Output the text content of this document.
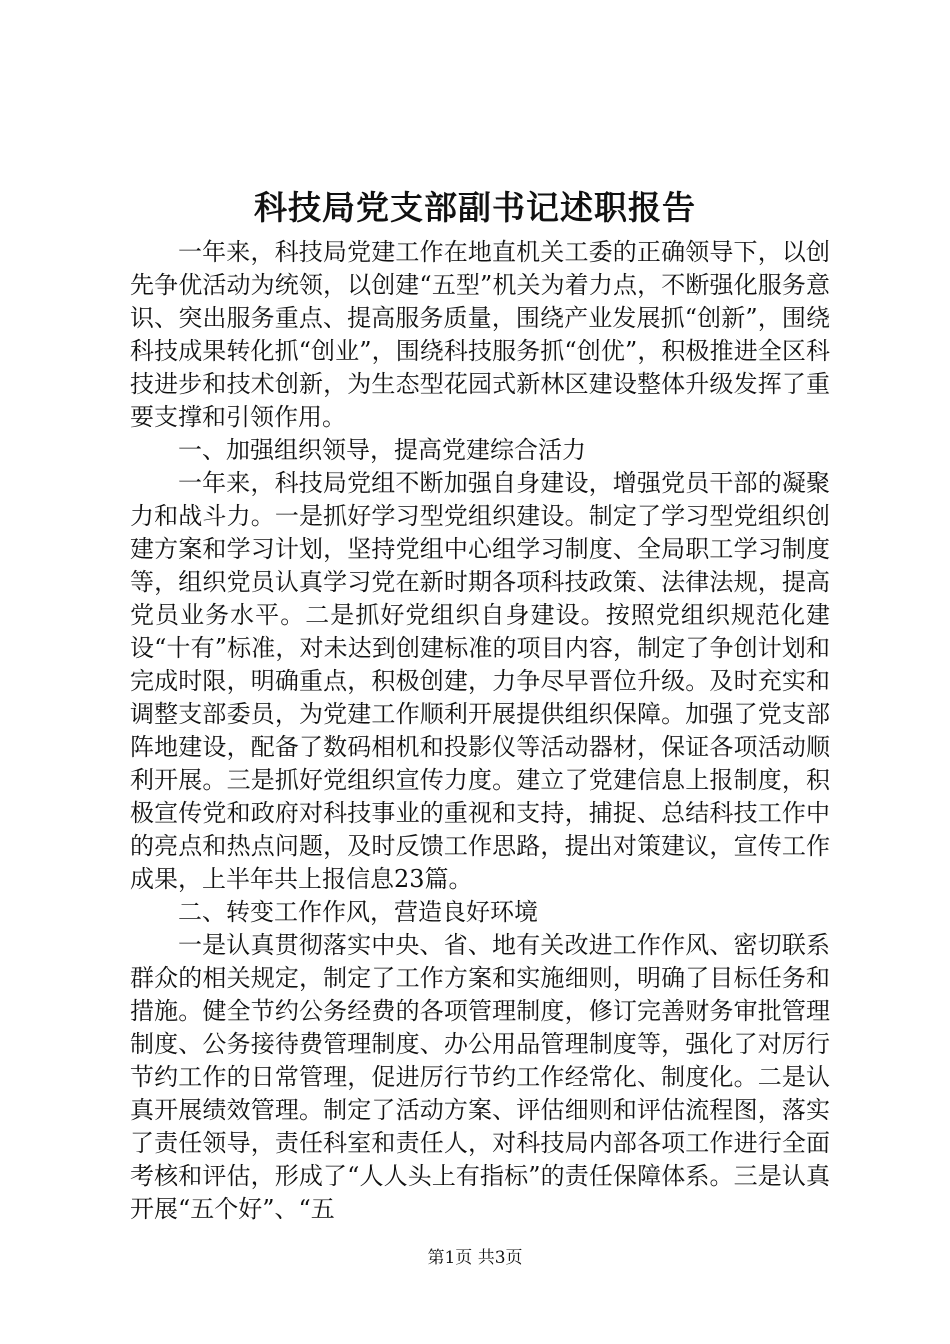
科技局党支部副书记述职报告

一年来，科技局党建工作在地直机关工委的正确领导下，以创先争优活动为统领，以创建“五型”机关为着力点，不断强化服务意识、突出服务重点、提高服务质量，围绕产业发展抓“创新”，围绕科技成果转化抓“创业”，围绕科技服务抓“创优”，积极推进全区科技进步和技术创新，为生态型花园式新林区建设整体升级发挥了重要支撑和引领作用。

一、加强组织领导，提高党建综合活力

一年来，科技局党组不断加强自身建设，增强党员干部的凝聚力和战斗力。一是抓好学习型党组织建设。制定了学习型党组织创建方案和学习计划，坚持党组中心组学习制度、全局职工学习制度等，组织党员认真学习党在新时期各项科技政策、法律法规，提高党员业务水平。二是抓好党组织自身建设。按照党组织规范化建设“十有”标准，对未达到创建标准的项目内容，制定了争创计划和完成时限，明确重点，积极创建，力争尽早晋位升级。及时充实和调整支部委员，为党建工作顺利开展提供组织保障。加强了党支部阵地建设，配备了数码相机和投影仪等活动器材，保证各项活动顺利开展。三是抓好党组织宣传力度。建立了党建信息上报制度，积极宣传党和政府对科技事业的重视和支持，捕捉、总结科技工作中的亮点和热点问题，及时反馈工作思路，提出对策建议，宣传工作成果，上半年共上报信息23篇。

二、转变工作作风，营造良好环境

一是认真贯彻落实中央、省、地有关改进工作作风、密切联系群众的相关规定，制定了工作方案和实施细则，明确了目标任务和措施。健全节约公务经费的各项管理制度，修订完善财务审批管理制度、公务接待费管理制度、办公用品管理制度等，强化了对厉行节约工作的日常管理，促进厉行节约工作经常化、制度化。二是认真开展绩效管理。制定了活动方案、评估细则和评估流程图，落实了责任领导，责任科室和责任人，对科技局内部各项工作进行全面考核和评估，形成了“人人头上有指标”的责任保障体系。三是认真开展“五个好”、“五

第1页 共3页
